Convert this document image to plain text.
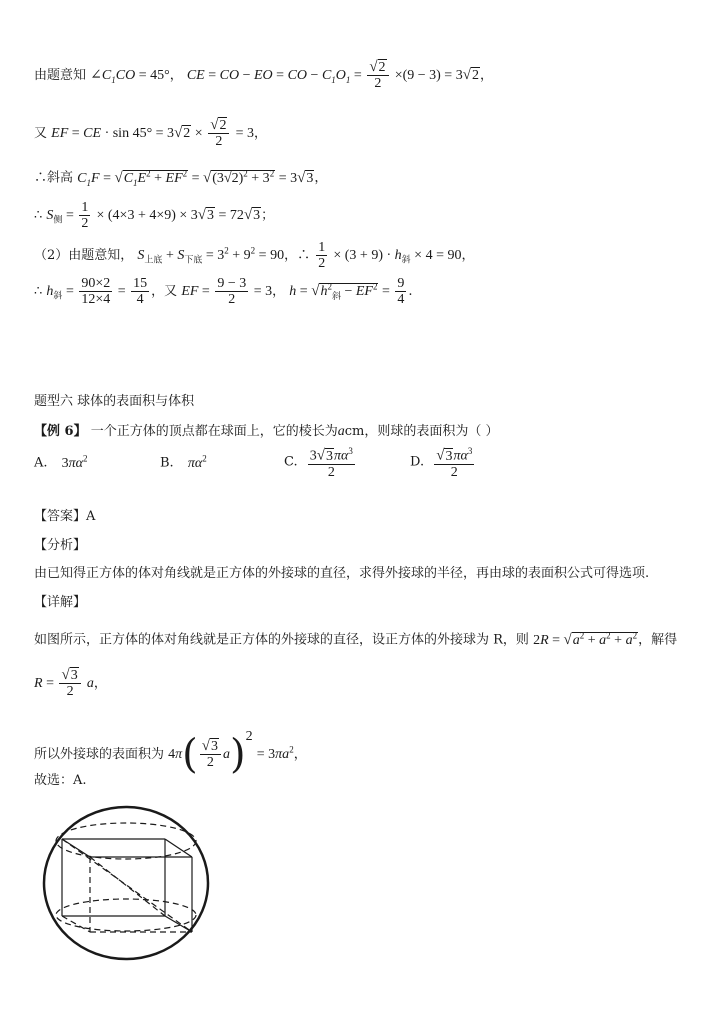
由题意知 $\angle C_1CO = 45^\circ$， CE = CO − EO = CO − $C_1O_1 = \frac{√2}{2} \times(9 - 3) = 3√2$，
又 EF = CE · $\sin 45^\circ = 3√2 \times \frac{√2}{2} = 3$，
∴斜高 $C_1F = √C_1E^2 + EF^2 = √(3√2)^2 + 3^2 = 3√3$，
∴ $S_侧 = \frac{1}{2} \times (4\times 3 + 4\times 9) \times 3√3 = 72√3$；
（2）由题意知， $S_{上底} + S_{下底} = 3^2 + 9^2 = 90$，∴ $\frac{1}{2} \times (3 + 9) \cdot h_斜 \times 4 = 90$，
∴ $h_斜 = \frac{90\times 2}{12\times 4} = \frac{15}{4}$ ，又 EF = $\frac{9 - 3}{2} = 3$， $h = √h^2_斜 - EF^2 = \frac{9}{4}$ .
题型六 球体的表面积与体积
【例 6】 一个正方体的顶点都在球面上，它的棱长为acm，则球的表面积为（ ）
A. $3\pi\alpha^2$	B. $\pi\alpha^2$	C. $\frac{3√3\pi\alpha^3}{2}$	D. $\frac{√3\pi\alpha^3}{2}$
【答案】A
【分析】
由已知得正方体的体对角线就是正方体的外接球的直径，求得外接球的半径，再由球的表面积公式可得选项.
【详解】
如图所示，正方体的体对角线就是正方体的外接球的直径，设正方体的外接球为 R，则 $2R = √a^2 + a^2 + a^2$，解得
$R = \frac{√3}{2}$ a，
所以外接球的表面积为 $4\pi( \frac{√3}{2} a)^2 = 3\pi a^2$，
故选：A.
